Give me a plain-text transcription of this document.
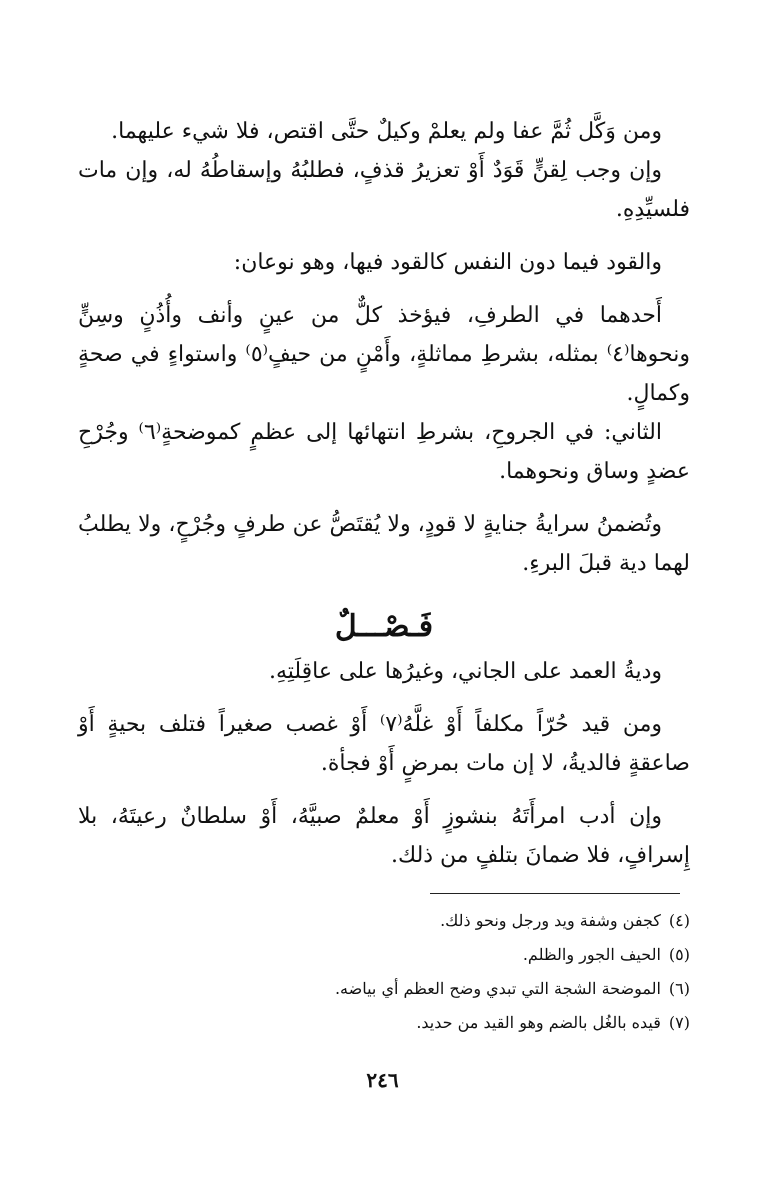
ومن وَكَّل ثُمَّ عفا ولم يعلمْ وكيلٌ حتَّى اقتص، فلا شيء عليهما.

وإن وجب لِقنٍّ قَوَدٌ أَوْ تعزيرُ قذفٍ، فطلبُهُ وإسقاطُهُ له، وإن مات فلسيِّدِهِ.

والقود فيما دون النفس كالقود فيها، وهو نوعان:

أَحدهما في الطرفِ، فيؤخذ كلٌّ من عينٍ وأنف وأُذُنٍ وسِنٍّ ونحوها⁽٤⁾ بمثله، بشرطِ مماثلةٍ، وأَمْنٍ من حيفٍ⁽٥⁾ واستواءٍ في صحةٍ وكمالٍ.

الثاني: في الجروحِ، بشرطِ انتهائها إلى عظمٍ كموضحةٍ⁽٦⁾ وجُرْحِ عضدٍ وساق ونحوهما.

وتُضمنُ سرايةُ جنايةٍ لا قودٍ، ولا يُقتَصُّ عن طرفٍ وجُرْحٍ، ولا يطلبُ لهما دية قبلَ البرءِ.

فَـصْـــلٌ

وديةُ العمد على الجاني، وغيرُها على عاقِلَتِهِ.

ومن قيد حُرّاً مكلفاً أَوْ غلَّهُ⁽٧⁾ أَوْ غصب صغيراً فتلف بحيةٍ أَوْ صاعقةٍ فالديةُ، لا إن مات بمرضٍ أَوْ فجأة.

وإن أدب امرأَتَهُ بنشوزٍ أَوْ معلمٌ صبيَّهُ، أَوْ سلطانٌ رعيتَهُ، بلا إِسرافٍ، فلا ضمانَ بتلفٍ من ذلك.

(٤)كجفن وشفة ويد ورجل ونحو ذلك.

(٥)الحيف الجور والظلم.

(٦)الموضحة الشجة التي تبدي وضح العظم أي بياضه.

(٧)قيده بالغُل بالضم وهو القيد من حديد.

٢٤٦
